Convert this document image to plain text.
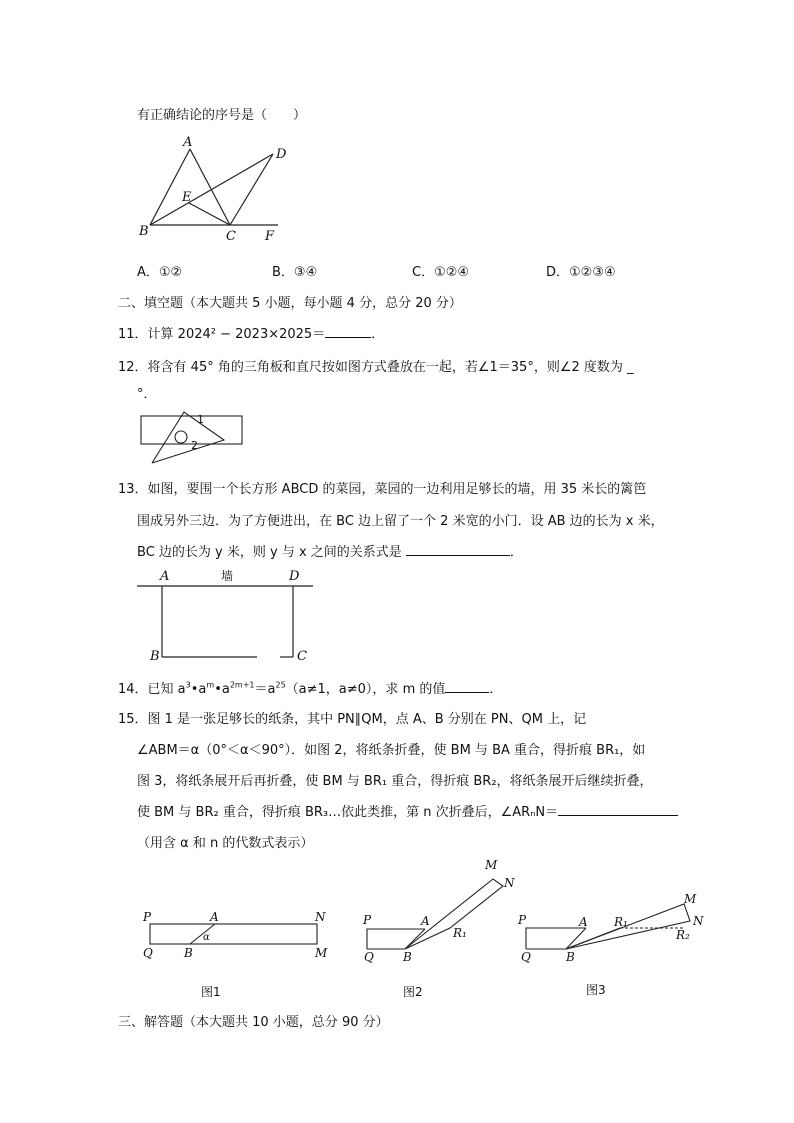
有正确结论的序号是（　　）
A
D
E
B	C F
A．①②	B．③④	C．①②④	D．①②③④
二、填空题（本大题共 5 小题，每小题 4 分，总分 20 分）
11．计算 2024² − 2023×2025＝	．
12．将含有 45° 角的三角板和直尺按如图方式叠放在一起，若∠1＝35°，则∠2 度数为 _
°．
1
2
13．如图，要围一个长方形 ABCD 的菜园，菜园的一边利用足够长的墙，用 35 米长的篱笆
围成另外三边．为了方便进出，在 BC 边上留了一个 2 米宽的小门．设 AB 边的长为 x 米，
BC 边的长为 y 米，则 y 与 x 之间的关系式是	．
A	墙	D
B	C
14．已知 $a^3•a^m•a^{2m+1}=a^{25}(a\ne 1$，a≠0），求 m 的值	．
15．图 1 是一张足够长的纸条，其中 PN∥QM，点 A、B 分别在 PN、QM 上，记
∠ABM＝α（0°＜α＜90°）．如图 2，将纸条折叠，使 BM 与 BA 重合，得折痕 BR₁，如
图 3，将纸条展开后再折叠，使 BM 与 BR₁ 重合，得折痕 BR₂，将纸条展开后继续折叠，
使 BM 与 BR₂ 重合，得折痕 BR₃…依此类推，第 n 次折叠后，∠ARₙN＝
（用含 α 和 n 的代数式表示）
P	A	N
Q	B
α
M
图1
P	A
R₁
M
N
Q B
图2
P	A R₁
R₂
M
N
Q	B
图3
三、解答题（本大题共 10 小题，总分 90 分）
